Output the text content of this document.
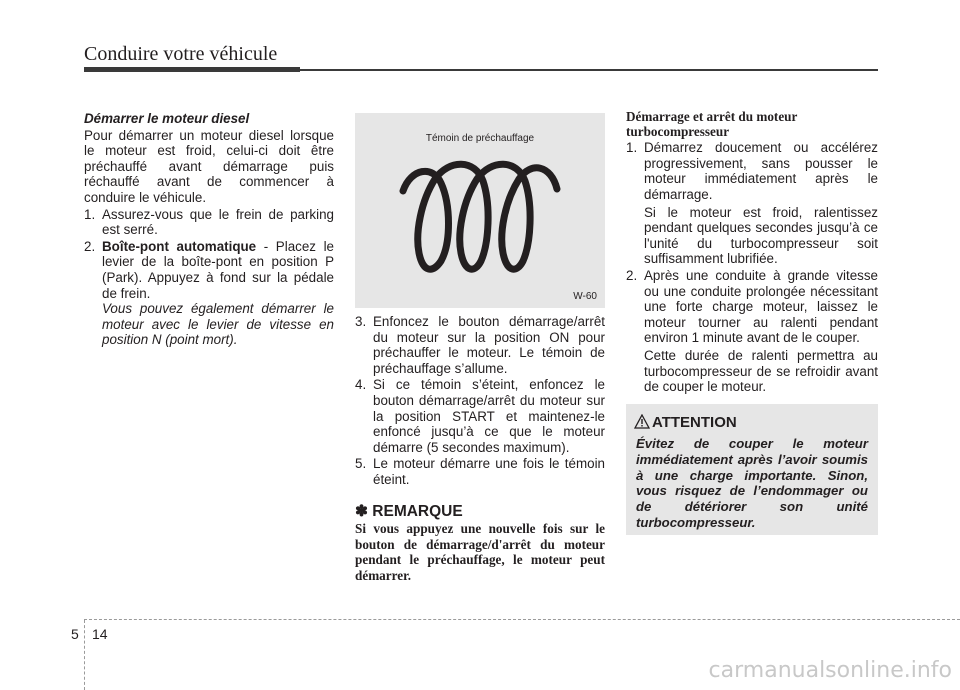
Conduire votre véhicule
Démarrer le moteur diesel

Pour démarrer un moteur diesel lorsque le moteur est froid, celui-ci doit être préchauffé avant démarrage puis réchauffé avant de commencer à conduire le véhicule.

1. Assurez-vous que le frein de parking est serré.
2. Boîte-pont automatique - Placez le levier de la boîte-pont en position P (Park). Appuyez à fond sur la pédale de frein.

Vous pouvez également démarrer le moteur avec le levier de vitesse en position N (point mort).

Témoin de préchauffage
W-60
3. Enfoncez le bouton démarrage/arrêt du moteur sur la position ON pour préchauffer le moteur. Le témoin de préchauffage s’allume.
4. Si ce témoin s’éteint, enfoncez le bouton démarrage/arrêt du moteur sur la position START et maintenez-le enfoncé jusqu’à ce que le moteur démarre (5 secondes maximum).
5. Le moteur démarre une fois le témoin éteint.
✽ REMARQUE
Si vous appuyez une nouvelle fois sur le bouton de démarrage/d'arrêt du moteur pendant le préchauffage, le moteur peut démarrer.
Démarrage et arrêt du moteur turbocompresseur
1. Démarrez doucement ou accélérez progressivement, sans pousser le moteur immédiatement après le démarrage.

Si le moteur est froid, ralentissez pendant quelques secondes jusqu’à ce l'unité du turbocompresseur soit suffisamment lubrifiée.

2. Après une conduite à grande vitesse ou une conduite prolongée nécessitant une forte charge moteur, laissez le moteur tourner au ralenti pendant environ 1 minute avant de le couper.

Cette durée de ralenti permettra au turbocompresseur de se refroidir avant de couper le moteur.

ATTENTION
Évitez de couper le moteur immédiatement après l’avoir soumis à une charge importante. Sinon, vous risquez de l’endommager ou de détériorer son unité turbocompresseur.
5 14
carmanualsonline.info
